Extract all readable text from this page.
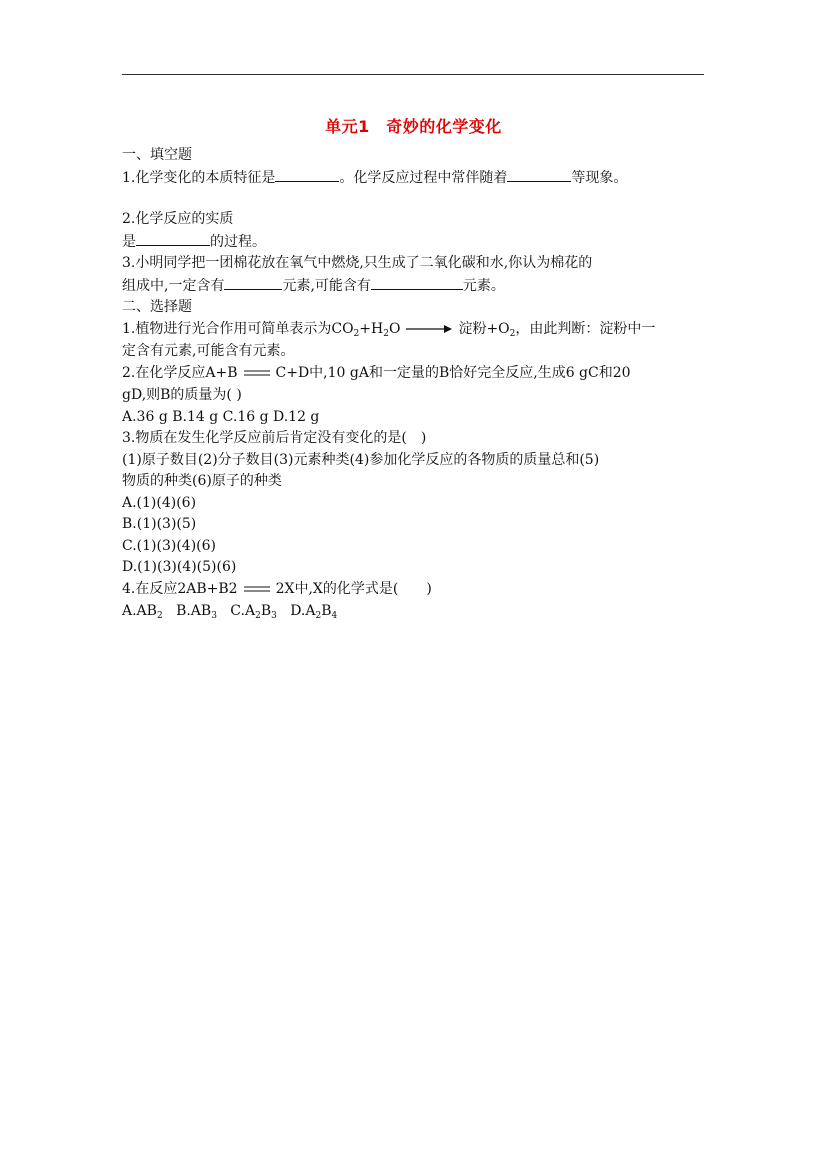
单元1　奇妙的化学变化
一、填空题
1.化学变化的本质特征是	。化学反应过程中常伴随着	等现象。
2.化学反应的实质
是	的过程。
3.小明同学把一团棉花放在氧气中燃烧,只生成了二氧化碳和水,你认为棉花的
组成中,一定含有	元素,可能含有	元素。
二、选择题
1.植物进行光合作用可简单表示为$CO_2+H_2O$ → 淀粉$+O_2$，由此判断：淀粉中一
定含有元素,可能含有元素。
2.在化学反应A+B	C+D中,10 gA和一定量的B恰好完全反应,生成6 gC和20
gD,则B的质量为( )
A.36 g B.14 g C.16 g D.12 g
3.物质在发生化学反应前后肯定没有变化的是(　)
(1)原子数目(2)分子数目(3)元素种类(4)参加化学反应的各物质的质量总和(5)
物质的种类(6)原子的种类
A.(1)(4)(6)
B.(1)(3)(5)
C.(1)(3)(4)(6)
D.(1)(3)(4)(5)(6)
4.在反应2AB+B2	2X中,X的化学式是(　　)
$A.AB_2$ $B.AB_3$ $C.A_2B_3$ $D.A_2B_4$
